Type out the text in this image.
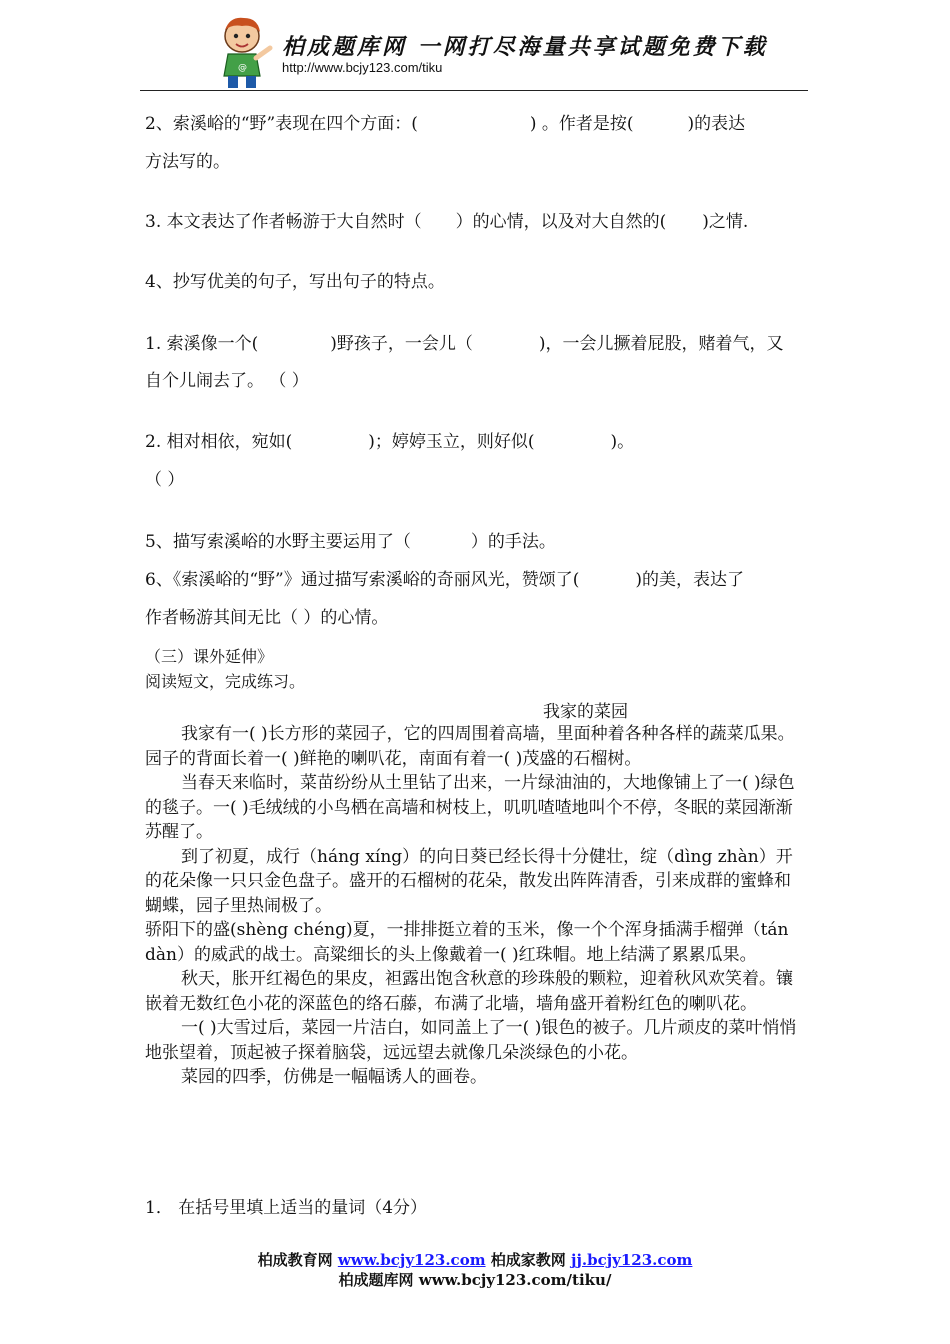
@
柏成题库网 一网打尽海量共享试题免费下载
http://www.bcjy123.com/tiku
2、索溪峪的“野”表现在四个方面：(	) 。作者是按(	)的表达
方法写的。
3. 本文表达了作者畅游于大自然时（ ）的心情，以及对大自然的( )之情.
4、抄写优美的句子，写出句子的特点。
1. 索溪像一个(	)野孩子，一会儿（	)，一会儿撅着屁股，赌着气，又
自个儿闹去了。 （ ）
2. 相对相依，宛如(	)；婷婷玉立，则好似(	)。
（ ）
5、描写索溪峪的水野主要运用了（	）的手法。
6、《索溪峪的“野”》通过描写索溪峪的奇丽风光，赞颂了(	)的美，表达了
作者畅游其间无比（ ）的心情。
（三）课外延伸》
阅读短文，完成练习。
我家的菜园

我家有一( )长方形的菜园子，它的四周围着高墙，里面种着各种各样的蔬菜瓜果。园子的背面长着一( )鲜艳的喇叭花，南面有着一( )茂盛的石榴树。

当春天来临时，菜苗纷纷从土里钻了出来，一片绿油油的，大地像铺上了一( )绿色的毯子。一( )毛绒绒的小鸟栖在高墙和树枝上，叽叽喳喳地叫个不停，冬眠的菜园渐渐苏醒了。

到了初夏，成行（háng xíng）的向日葵已经长得十分健壮，绽（dìng zhàn）开的花朵像一只只金色盘子。盛开的石榴树的花朵，散发出阵阵清香，引来成群的蜜蜂和蝴蝶，园子里热闹极了。

骄阳下的盛(shèng chéng)夏，一排排挺立着的玉米，像一个个浑身插满手榴弹（tán dàn）的威武的战士。高粱细长的头上像戴着一( )红珠帽。地上结满了累累瓜果。

秋天，胀开红褐色的果皮，袒露出饱含秋意的珍珠般的颗粒，迎着秋风欢笑着。镶嵌着无数红色小花的深蓝色的络石藤，布满了北墙，墙角盛开着粉红色的喇叭花。

一( )大雪过后，菜园一片洁白，如同盖上了一( )银色的被子。几片顽皮的菜叶悄悄地张望着，顶起被子探着脑袋，远远望去就像几朵淡绿色的小花。

菜园的四季，仿佛是一幅幅诱人的画卷。

1． 在括号里填上适当的量词（4分）
柏成教育网 www.bcjy123.com 柏成家教网 jj.bcjy123.com
柏成题库网 www.bcjy123.com/tiku/
